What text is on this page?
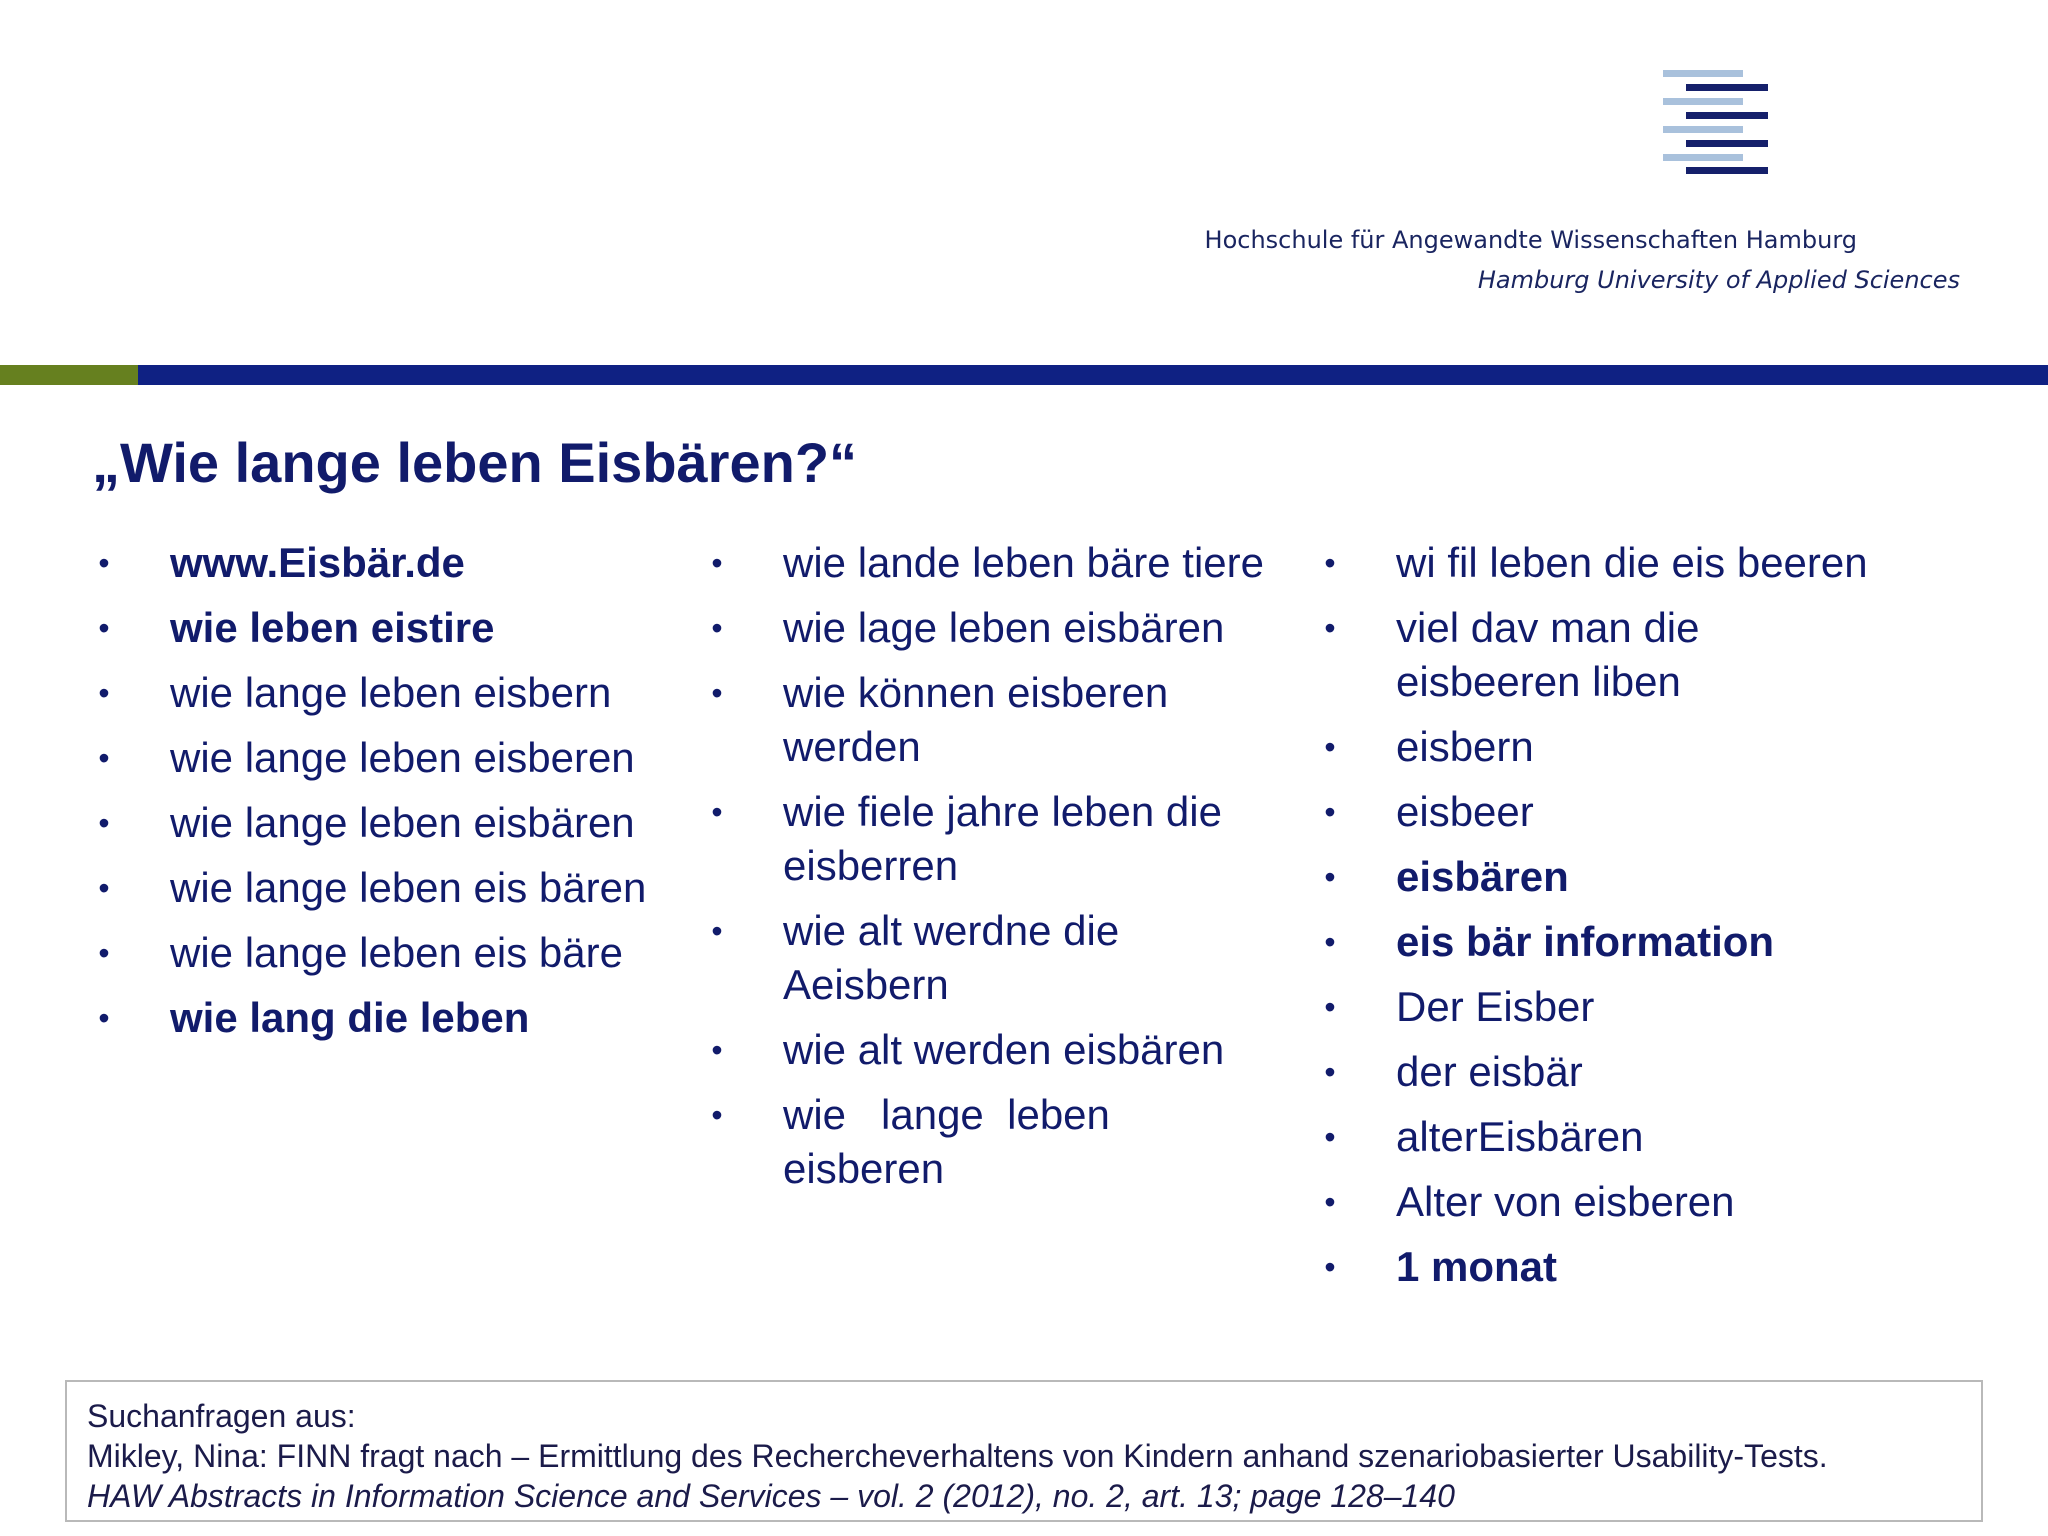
Hochschule für Angewandte Wissenschaften Hamburg
Hamburg University of Applied Sciences
„Wie lange leben Eisbären?“
• www.Eisbär.de
• wie leben eistire
• wie lange leben eisbern
• wie lange leben eisberen
• wie lange leben eisbären
• wie lange leben eis bären
• wie lange leben eis bäre
• wie lang die leben
• wie lande leben bäre tiere
• wie lage leben eisbären
• wie können eisberen werden
• wie fiele jahre leben die eisberren
• wie alt werdne die Aeisbern
• wie alt werden eisbären
• wie   lange  leben eisberen
• wi fil leben die eis beeren
• viel dav man die eisbeeren liben
• eisbern
• eisbeer
• eisbären
• eis bär information
• Der Eisber
• der eisbär
• alterEisbären
• Alter von eisberen
• 1 monat
Suchanfragen aus:
Mikley, Nina: FINN fragt nach – Ermittlung des Rechercheverhaltens von Kindern anhand szenariobasierter Usability-Tests.
HAW Abstracts in Information Science and Services – vol. 2 (2012), no. 2, art. 13; page 128–140
